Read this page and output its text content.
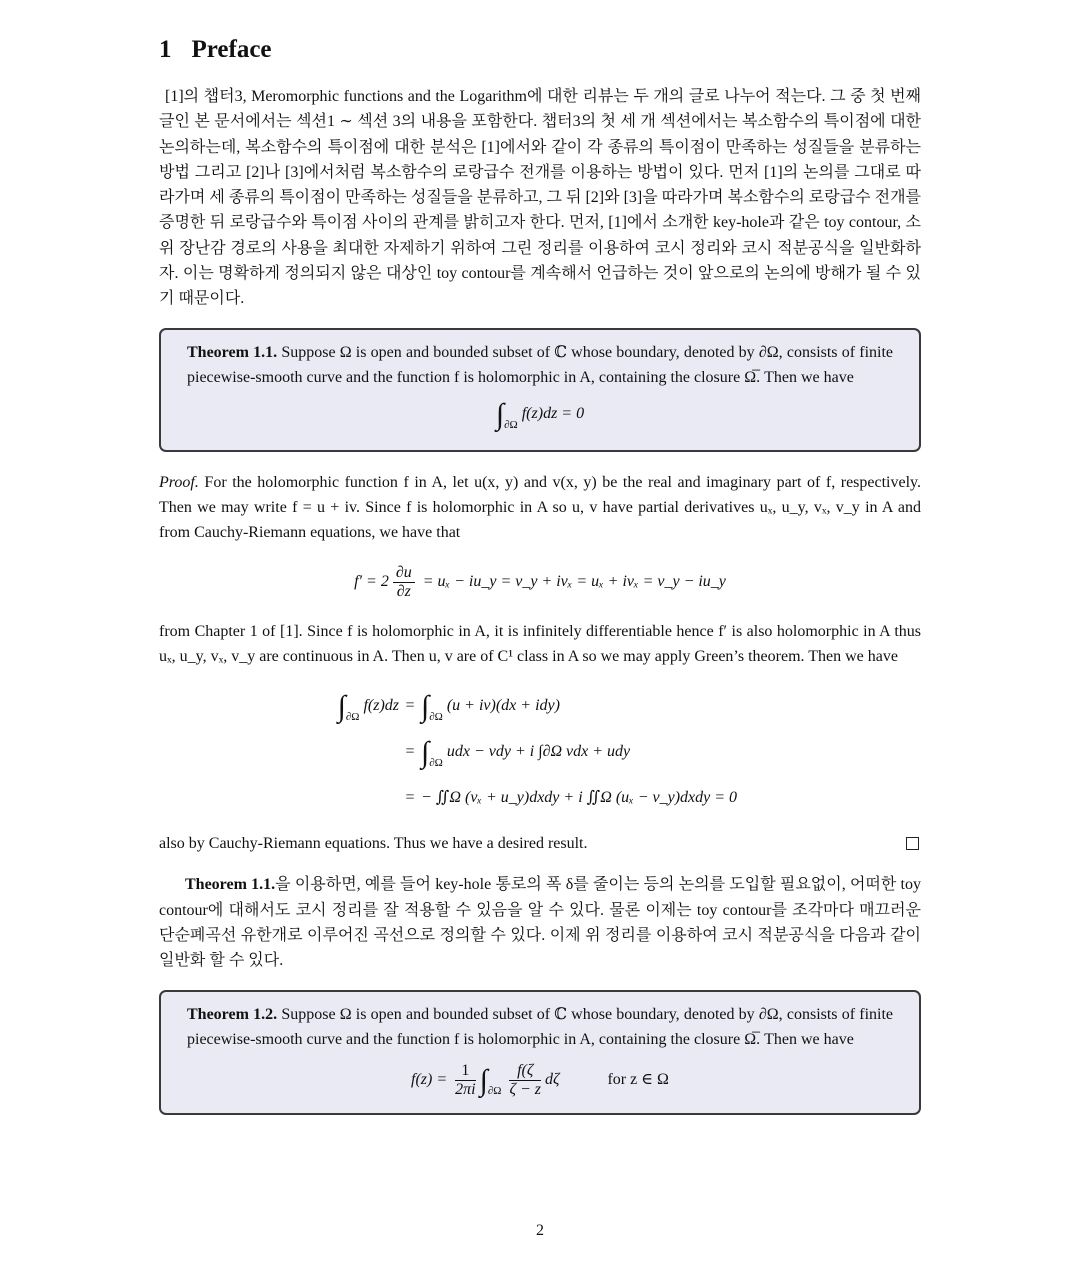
1 Preface

[1]의 챕터3, Meromorphic functions and the Logarithm에 대한 리뷰는 두 개의 글로 나누어 적는다. 그 중 첫 번째 글인 본 문서에서는 섹션1 ∼ 섹션 3의 내용을 포함한다. 챕터3의 첫 세 개 섹션에서는 복소함수의 특이점에 대한 논의하는데, 복소함수의 특이점에 대한 분석은 [1]에서와 같이 각 종류의 특이점이 만족하는 성질들을 분류하는 방법 그리고 [2]나 [3]에서처럼 복소함수의 로랑급수 전개를 이용하는 방법이 있다. 먼저 [1]의 논의를 그대로 따라가며 세 종류의 특이점이 만족하는 성질들을 분류하고, 그 뒤 [2]와 [3]을 따라가며 복소함수의 로랑급수 전개를 증명한 뒤 로랑급수와 특이점 사이의 관계를 밝히고자 한다. 먼저, [1]에서 소개한 key-hole과 같은 toy contour, 소위 장난감 경로의 사용을 최대한 자제하기 위하여 그린 정리를 이용하여 코시 정리와 코시 적분공식을 일반화하자. 이는 명확하게 정의되지 않은 대상인 toy contour를 계속해서 언급하는 것이 앞으로의 논의에 방해가 될 수 있기 때문이다.

Theorem 1.1. Suppose Ω is open and bounded subset of ℂ whose boundary, denoted by ∂Ω, consists of finite piecewise-smooth curve and the function f is holomorphic in A, containing the closure Ω̅. Then we have

$\int_{\partial\Omega}$ f(z)dz = 0

Proof. For the holomorphic function f in A, let u(x, y) and v(x, y) be the real and imaginary part of f, respectively. Then we may write f = u + iv. Since f is holomorphic in A so u, v have partial derivatives uₓ, u_y, vₓ, v_y in A and from Cauchy-Riemann equations, we have that

$f' = 2 \frac{\partial u}{\partial z} = u_x$ − iu_y = v_y + ivₓ = uₓ + ivₓ = v_y − iu_y

from Chapter 1 of [1]. Since f is holomorphic in A, it is infinitely differentiable hence f′ is also holomorphic in A thus uₓ, u_y, vₓ, v_y are continuous in A. Then u, v are of C¹ class in A so we may apply Green’s theorem. Then we have

$\int_{\partial\Omega}$ $f(z)dz = \int_{\partial\Omega}$ (u + iv)(dx + idy)
= $\int_{\partial\Omega}$ udx − vdy + i ∫∂Ω vdx + udy
= − ∬Ω (vₓ + u_y)dxdy + i ∬Ω (uₓ − v_y)dxdy = 0

also by Cauchy-Riemann equations. Thus we have a desired result.

Theorem 1.1.을 이용하면, 예를 들어 key-hole 통로의 폭 δ를 줄이는 등의 논의를 도입할 필요없이, 어떠한 toy contour에 대해서도 코시 정리를 잘 적용할 수 있음을 알 수 있다. 물론 이제는 toy contour를 조각마다 매끄러운 단순폐곡선 유한개로 이루어진 곡선으로 정의할 수 있다. 이제 위 정리를 이용하여 코시 적분공식을 다음과 같이 일반화 할 수 있다.

Theorem 1.2. Suppose Ω is open and bounded subset of ℂ whose boundary, denoted by ∂Ω, consists of finite piecewise-smooth curve and the function f is holomorphic in A, containing the closure Ω̅. Then we have

$f(z) = \frac{1}{2\pi i} \int_{\partial\Omega} \frac{f(\zeta}{\zeta - z}$ dζ	for z ∈ Ω
2
